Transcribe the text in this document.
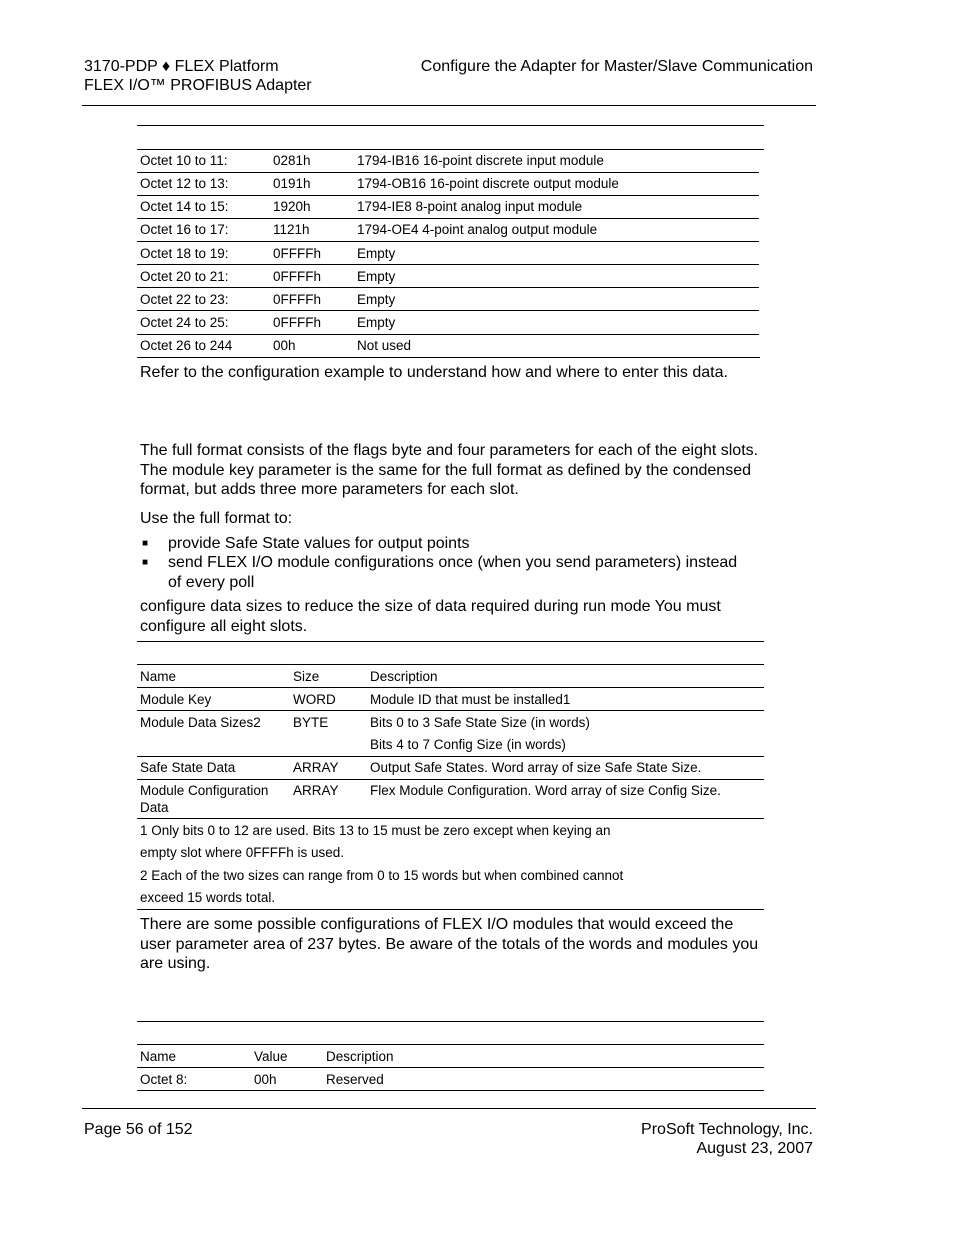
3170-PDP ♦ FLEX Platform
FLEX I/O™ PROFIBUS Adapter
Configure the Adapter for Master/Slave Communication
Octet 10 to 11:	0281h	1794-IB16 16-point discrete input module
Octet 12 to 13:	0191h	1794-OB16 16-point discrete output module
Octet 14 to 15:	1920h	1794-IE8 8-point analog input module
Octet 16 to 17:	1121h	1794-OE4 4-point analog output module
Octet 18 to 19:	0FFFFh	Empty
Octet 20 to 21:	0FFFFh	Empty
Octet 22 to 23:	0FFFFh	Empty
Octet 24 to 25:	0FFFFh	Empty
Octet 26 to 244	00h	Not used
Refer to the configuration example to understand how and where to enter this data.
The full format consists of the flags byte and four parameters for each of the eight slots. The module key parameter is the same for the full format as defined by the condensed format, but adds three more parameters for each slot.
Use the full format to:
■ provide Safe State values for output points
■ send FLEX I/O module configurations once (when you send parameters) instead of every poll
configure data sizes to reduce the size of data required during run mode You must configure all eight slots.
Name	Size	Description
Module Key	WORD	Module ID that must be installed1
Module Data Sizes2 BYTE	Bits 0 to 3 Safe State Size (in words)
Bits 4 to 7 Config Size (in words)
Safe State Data	ARRAY Output Safe States. Word array of size Safe State Size.
Module Configuration
Data
ARRAY Flex Module Configuration. Word array of size Config Size.
1 Only bits 0 to 12 are used. Bits 13 to 15 must be zero except when keying an
empty slot where 0FFFFh is used.
2 Each of the two sizes can range from 0 to 15 words but when combined cannot
exceed 15 words total.
There are some possible configurations of FLEX I/O modules that would exceed the user parameter area of 237 bytes. Be aware of the totals of the words and modules you are using.
Name	Value	Description
Octet 8:	00h	Reserved
Page 56 of 152	ProSoft Technology, Inc.
August 23, 2007
